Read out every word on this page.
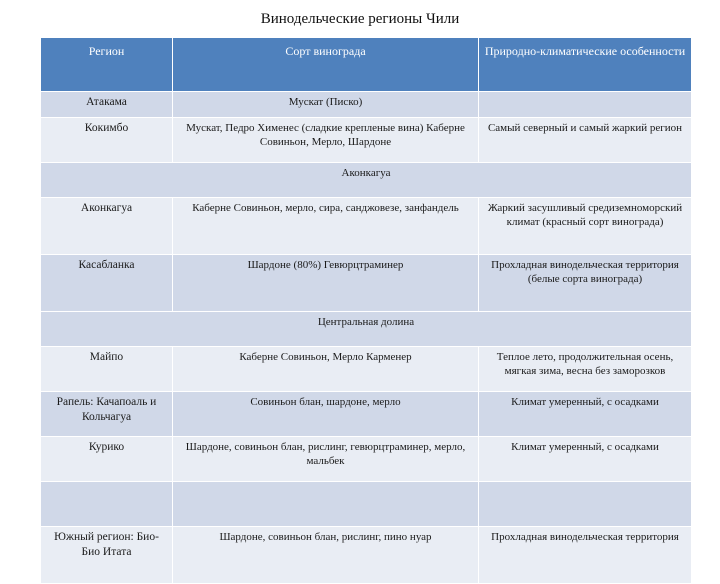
Винодельческие регионы Чили
Регион	Сорт винограда	Природно-климатические особенности
Атакама	Мускат (Писко)	
Кокимбо	Мускат, Педро Хименес (сладкие крепленые вина) Каберне Совиньон, Мерло, Шардоне	Самый северный и самый жаркий регион
Аконкагуа		
Аконкагуа	Каберне Совиньон, мерло, сира, санджовезе, занфандель	Жаркий засушливый средиземноморский климат (красный сорт винограда)
Касабланка	Шардоне (80%) Гевюрцтраминер	Прохладная винодельческая территория (белые сорта винограда)
Центральная долина		
Майпо	Каберне Совиньон, Мерло Карменер	Теплое лето, продолжительная осень, мягкая зима, весна без заморозков
Рапель: Качапоаль и Кольчагуа	Совиньон блан, шардоне, мерло	Климат умеренный, с осадками
Курико	Шардоне, совиньон блан, рислинг, гевюрцтраминер, мерло, мальбек	Климат умеренный, с осадками

Южный регион: Био-Био Итата	Шардоне, совиньон блан, рислинг, пино нуар	Прохладная винодельческая территория
